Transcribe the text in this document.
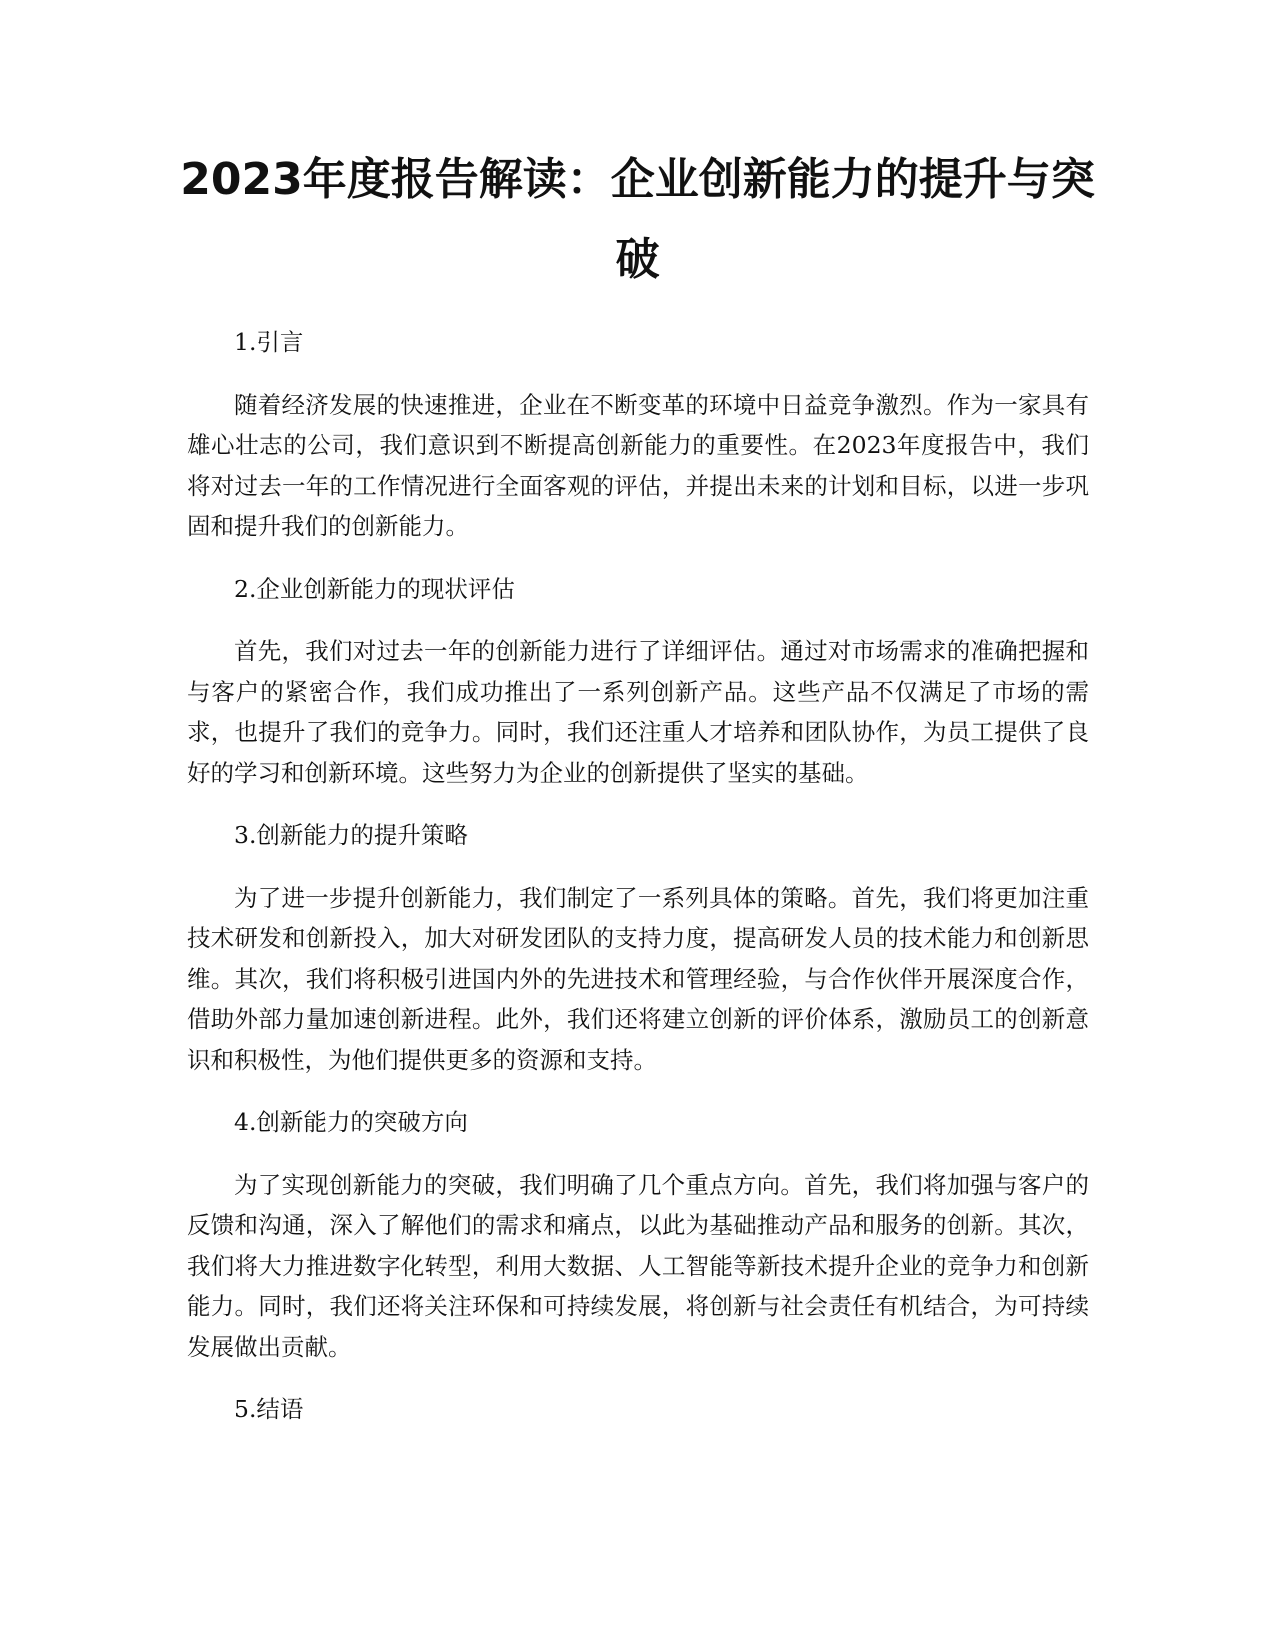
2023年度报告解读：企业创新能力的提升与突破

1.引言

随着经济发展的快速推进，企业在不断变革的环境中日益竞争激烈。作为一家具有雄心壮志的公司，我们意识到不断提高创新能力的重要性。在2023年度报告中，我们将对过去一年的工作情况进行全面客观的评估，并提出未来的计划和目标，以进一步巩固和提升我们的创新能力。

2.企业创新能力的现状评估

首先，我们对过去一年的创新能力进行了详细评估。通过对市场需求的准确把握和与客户的紧密合作，我们成功推出了一系列创新产品。这些产品不仅满足了市场的需求，也提升了我们的竞争力。同时，我们还注重人才培养和团队协作，为员工提供了良好的学习和创新环境。这些努力为企业的创新提供了坚实的基础。

3.创新能力的提升策略

为了进一步提升创新能力，我们制定了一系列具体的策略。首先，我们将更加注重技术研发和创新投入，加大对研发团队的支持力度，提高研发人员的技术能力和创新思维。其次，我们将积极引进国内外的先进技术和管理经验，与合作伙伴开展深度合作，借助外部力量加速创新进程。此外，我们还将建立创新的评价体系，激励员工的创新意识和积极性，为他们提供更多的资源和支持。

4.创新能力的突破方向

为了实现创新能力的突破，我们明确了几个重点方向。首先，我们将加强与客户的反馈和沟通，深入了解他们的需求和痛点，以此为基础推动产品和服务的创新。其次，我们将大力推进数字化转型，利用大数据、人工智能等新技术提升企业的竞争力和创新能力。同时，我们还将关注环保和可持续发展，将创新与社会责任有机结合，为可持续发展做出贡献。

5.结语
